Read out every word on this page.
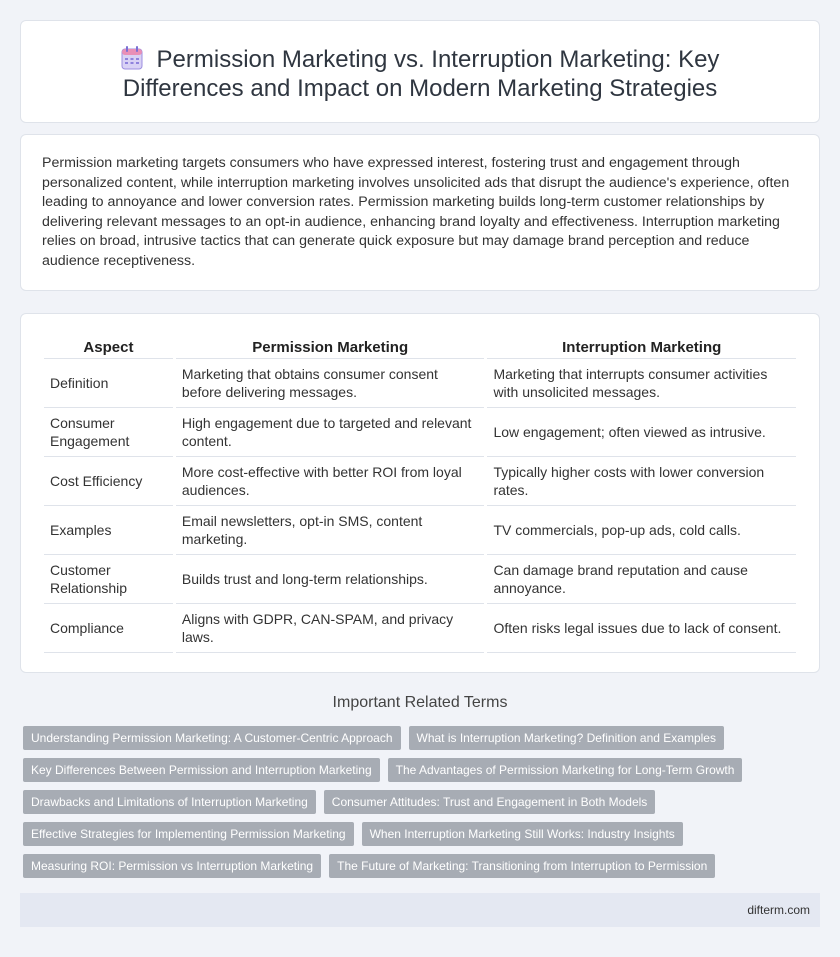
Permission Marketing vs. Interruption Marketing: Key Differences and Impact on Modern Marketing Strategies

Permission marketing targets consumers who have expressed interest, fostering trust and engagement through personalized content, while interruption marketing involves unsolicited ads that disrupt the audience's experience, often leading to annoyance and lower conversion rates. Permission marketing builds long-term customer relationships by delivering relevant messages to an opt-in audience, enhancing brand loyalty and effectiveness. Interruption marketing relies on broad, intrusive tactics that can generate quick exposure but may damage brand perception and reduce audience receptiveness.

Aspect	Permission Marketing	Interruption Marketing
Definition	Marketing that obtains consumer consent before delivering messages.	Marketing that interrupts consumer activities with unsolicited messages.
Consumer Engagement	High engagement due to targeted and relevant content.	Low engagement; often viewed as intrusive.
Cost Efficiency	More cost-effective with better ROI from loyal audiences.	Typically higher costs with lower conversion rates.
Examples	Email newsletters, opt-in SMS, content marketing.	TV commercials, pop-up ads, cold calls.
Customer Relationship	Builds trust and long-term relationships.	Can damage brand reputation and cause annoyance.
Compliance	Aligns with GDPR, CAN-SPAM, and privacy laws.	Often risks legal issues due to lack of consent.
Important Related Terms
Understanding Permission Marketing: A Customer-Centric Approach	What is Interruption Marketing? Definition and Examples
Key Differences Between Permission and Interruption Marketing	The Advantages of Permission Marketing for Long-Term Growth
Drawbacks and Limitations of Interruption Marketing	Consumer Attitudes: Trust and Engagement in Both Models
Effective Strategies for Implementing Permission Marketing	When Interruption Marketing Still Works: Industry Insights
Measuring ROI: Permission vs Interruption Marketing	The Future of Marketing: Transitioning from Interruption to Permission
difterm.com
